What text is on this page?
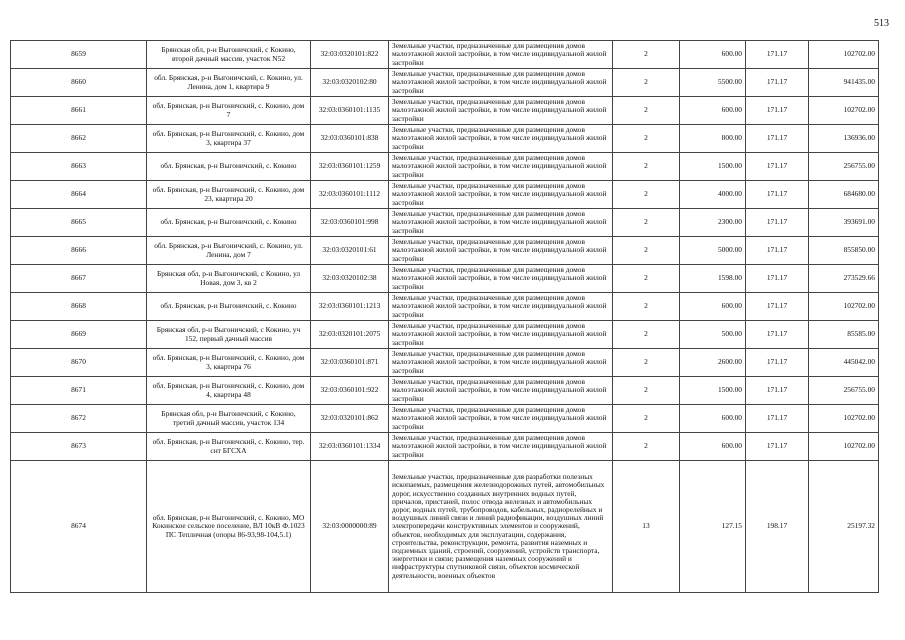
513
8659	Брянская обл, р-н Выгоничский, с Кокино, второй дачный массив, участок N52	32:03:0320101:822	Земельные участки, предназначенные для размещения домов малоэтажной жилой застройки, в том числе индивидуальной жилой застройки	2	600.00	171.17	102702.00
8660	обл. Брянская, р-н Выгоничский, с. Кокино, ул. Ленина, дом 1, квартира 9	32:03:0320102:80	Земельные участки, предназначенные для размещения домов малоэтажной жилой застройки, в том числе индивидуальной жилой застройки	2	5500.00	171.17	941435.00
8661	обл. Брянская, р-н Выгоничский, с. Кокино, дом 7	32:03:0360101:1135	Земельные участки, предназначенные для размещения домов малоэтажной жилой застройки, в том числе индивидуальной жилой застройки	2	600.00	171.17	102702.00
8662	обл. Брянская, р-н Выгоничский, с. Кокино, дом 3, квартира 37	32:03:0360101:838	Земельные участки, предназначенные для размещения домов малоэтажной жилой застройки, в том числе индивидуальной жилой застройки	2	800.00	171.17	136936.00
8663	обл. Брянская, р-н Выгоничский, с. Кокино	32:03:0360101:1259	Земельные участки, предназначенные для размещения домов малоэтажной жилой застройки, в том числе индивидуальной жилой застройки	2	1500.00	171.17	256755.00
8664	обл. Брянская, р-н Выгоничский, с. Кокино, дом 23, квартира 20	32:03:0360101:1112	Земельные участки, предназначенные для размещения домов малоэтажной жилой застройки, в том числе индивидуальной жилой застройки	2	4000.00	171.17	684680.00
8665	обл. Брянская, р-н Выгоничский, с. Кокино	32:03:0360101:998	Земельные участки, предназначенные для размещения домов малоэтажной жилой застройки, в том числе индивидуальной жилой застройки	2	2300.00	171.17	393691.00
8666	обл. Брянская, р-н Выгоничский, с. Кокино, ул. Ленина, дом 7	32:03:0320101:61	Земельные участки, предназначенные для размещения домов малоэтажной жилой застройки, в том числе индивидуальной жилой застройки	2	5000.00	171.17	855850.00
8667	Брянская обл, р-н Выгоничский, с Кокино, ул Новая, дом 3, кв 2	32:03:0320102:38	Земельные участки, предназначенные для размещения домов малоэтажной жилой застройки, в том числе индивидуальной жилой застройки	2	1598.00	171.17	273529.66
8668	обл. Брянская, р-н Выгоничский, с. Кокино	32:03:0360101:1213	Земельные участки, предназначенные для размещения домов малоэтажной жилой застройки, в том числе индивидуальной жилой застройки	2	600.00	171.17	102702.00
8669	Брянская обл, р-н Выгоничский, с Кокино, уч 152, первый дачный массив	32:03:0320101:2075	Земельные участки, предназначенные для размещения домов малоэтажной жилой застройки, в том числе индивидуальной жилой застройки	2	500.00	171.17	85585.00
8670	обл. Брянская, р-н Выгоничский, с. Кокино, дом 3, квартира 76	32:03:0360101:871	Земельные участки, предназначенные для размещения домов малоэтажной жилой застройки, в том числе индивидуальной жилой застройки	2	2600.00	171.17	445042.00
8671	обл. Брянская, р-н Выгоничский, с. Кокино, дом 4, квартира 48	32:03:0360101:922	Земельные участки, предназначенные для размещения домов малоэтажной жилой застройки, в том числе индивидуальной жилой застройки	2	1500.00	171.17	256755.00
8672	Брянская обл, р-н Выгоничский, с Кокино, третий дачный массив, участок 134	32:03:0320101:862	Земельные участки, предназначенные для размещения домов малоэтажной жилой застройки, в том числе индивидуальной жилой застройки	2	600.00	171.17	102702.00
8673	обл. Брянская, р-н Выгоничский, с. Кокино, тер. снт БГСХА	32:03:0360101:1334	Земельные участки, предназначенные для размещения домов малоэтажной жилой застройки, в том числе индивидуальной жилой застройки	2	600.00	171.17	102702.00
8674	обл. Брянская, р-н Выгоничский, с. Кокино, МО Кокинское сельское поселение, ВЛ 10кВ Ф.1023 ПС Тепличная (опоры 86-93,98-104,5.1)	32:03:0000000:89	Земельные участки, предназначенные для разработки полезных ископаемых, размещения железнодорожных путей, автомобильных дорог, искусственно созданных внутренних водных путей, причалов, пристаней, полос отвода железных и автомобильных дорог, водных путей, трубопроводов, кабельных, радиорелейных и воздушных линий связи и линий радиофикации, воздушных линий электропередачи конструктивных элементов и сооружений, объектов, необходимых для эксплуатации, содержания, строительства, реконструкции, ремонта, развития наземных и подземных зданий, строений, сооружений, устройств транспорта, энергетики и связи; размещения наземных сооружений и инфраструктуры спутниковой связи, объектов космической деятельности, военных объектов	13	127.15	198.17	25197.32
